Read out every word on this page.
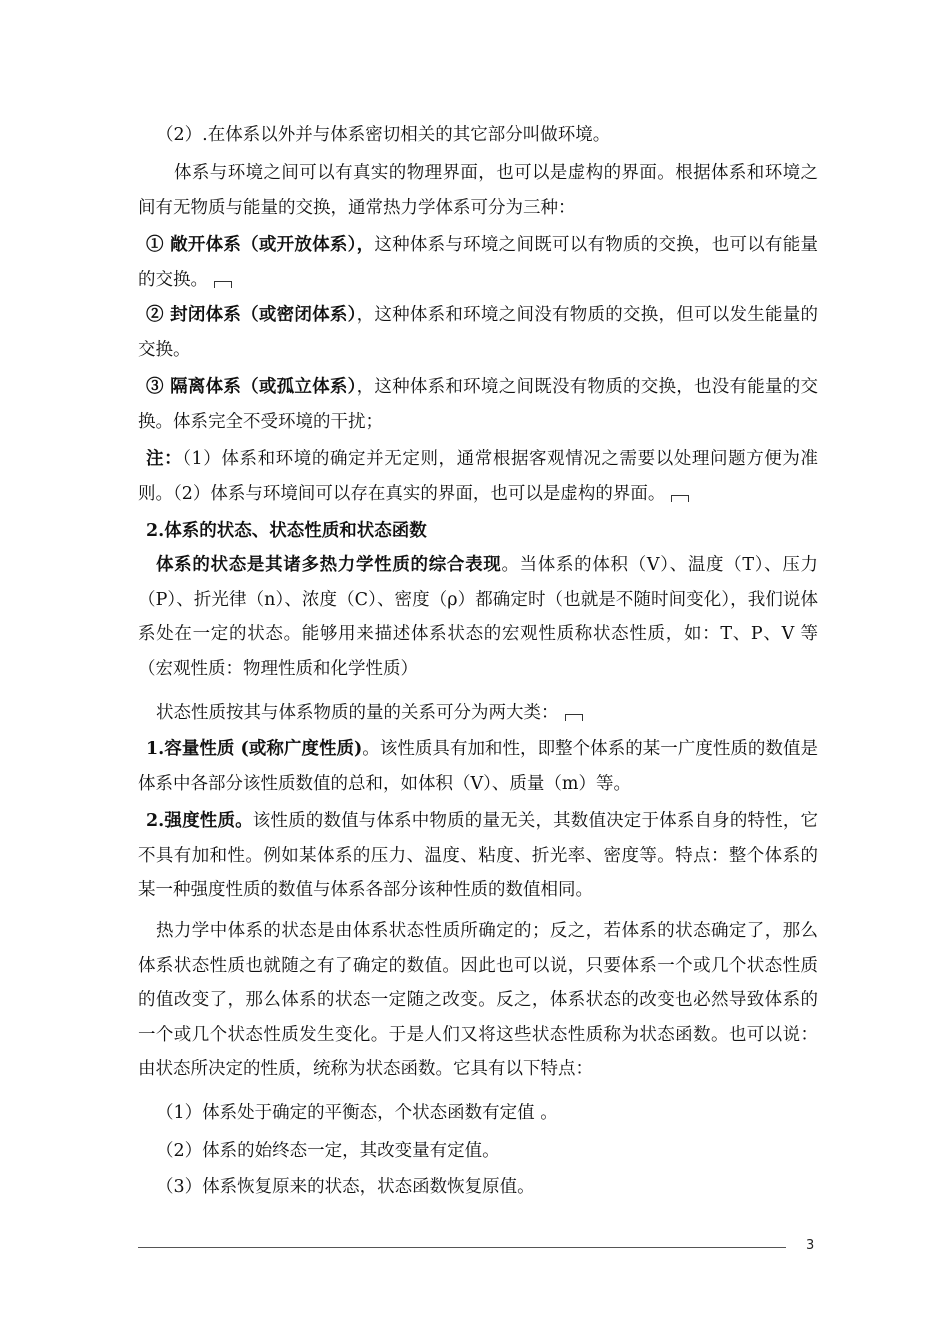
（2）.在体系以外并与体系密切相关的其它部分叫做环境。

体系与环境之间可以有真实的物理界面，也可以是虚构的界面。根据体系和环境之间有无物质与能量的交换，通常热力学体系可分为三种：

① 敞开体系（或开放体系），这种体系与环境之间既可以有物质的交换，也可以有能量的交换。

② 封闭体系（或密闭体系），这种体系和环境之间没有物质的交换，但可以发生能量的交换。

③ 隔离体系（或孤立体系），这种体系和环境之间既没有物质的交换，也没有能量的交换。体系完全不受环境的干扰；

注：（1）体系和环境的确定并无定则，通常根据客观情况之需要以处理问题方便为准则。（2）体系与环境间可以存在真实的界面，也可以是虚构的界面。

2.体系的状态、状态性质和状态函数

体系的状态是其诸多热力学性质的综合表现。当体系的体积（V）、温度（T）、压力（P）、折光律（n）、浓度（C）、密度（ρ）都确定时（也就是不随时间变化），我们说体系处在一定的状态。能够用来描述体系状态的宏观性质称状态性质，如：T、P、V 等（宏观性质：物理性质和化学性质）

状态性质按其与体系物质的量的关系可分为两大类：

1.容量性质 (或称广度性质)。该性质具有加和性，即整个体系的某一广度性质的数值是体系中各部分该性质数值的总和，如体积（V）、质量（m）等。

2.强度性质。该性质的数值与体系中物质的量无关，其数值决定于体系自身的特性，它不具有加和性。例如某体系的压力、温度、粘度、折光率、密度等。特点：整个体系的某一种强度性质的数值与体系各部分该种性质的数值相同。

热力学中体系的状态是由体系状态性质所确定的；反之，若体系的状态确定了，那么体系状态性质也就随之有了确定的数值。因此也可以说，只要体系一个或几个状态性质的值改变了，那么体系的状态一定随之改变。反之，体系状态的改变也必然导致体系的一个或几个状态性质发生变化。于是人们又将这些状态性质称为状态函数。也可以说：由状态所决定的性质，统称为状态函数。它具有以下特点：

（1）体系处于确定的平衡态，个状态函数有定值 。

（2）体系的始终态一定，其改变量有定值。

（3）体系恢复原来的状态，状态函数恢复原值。

3
